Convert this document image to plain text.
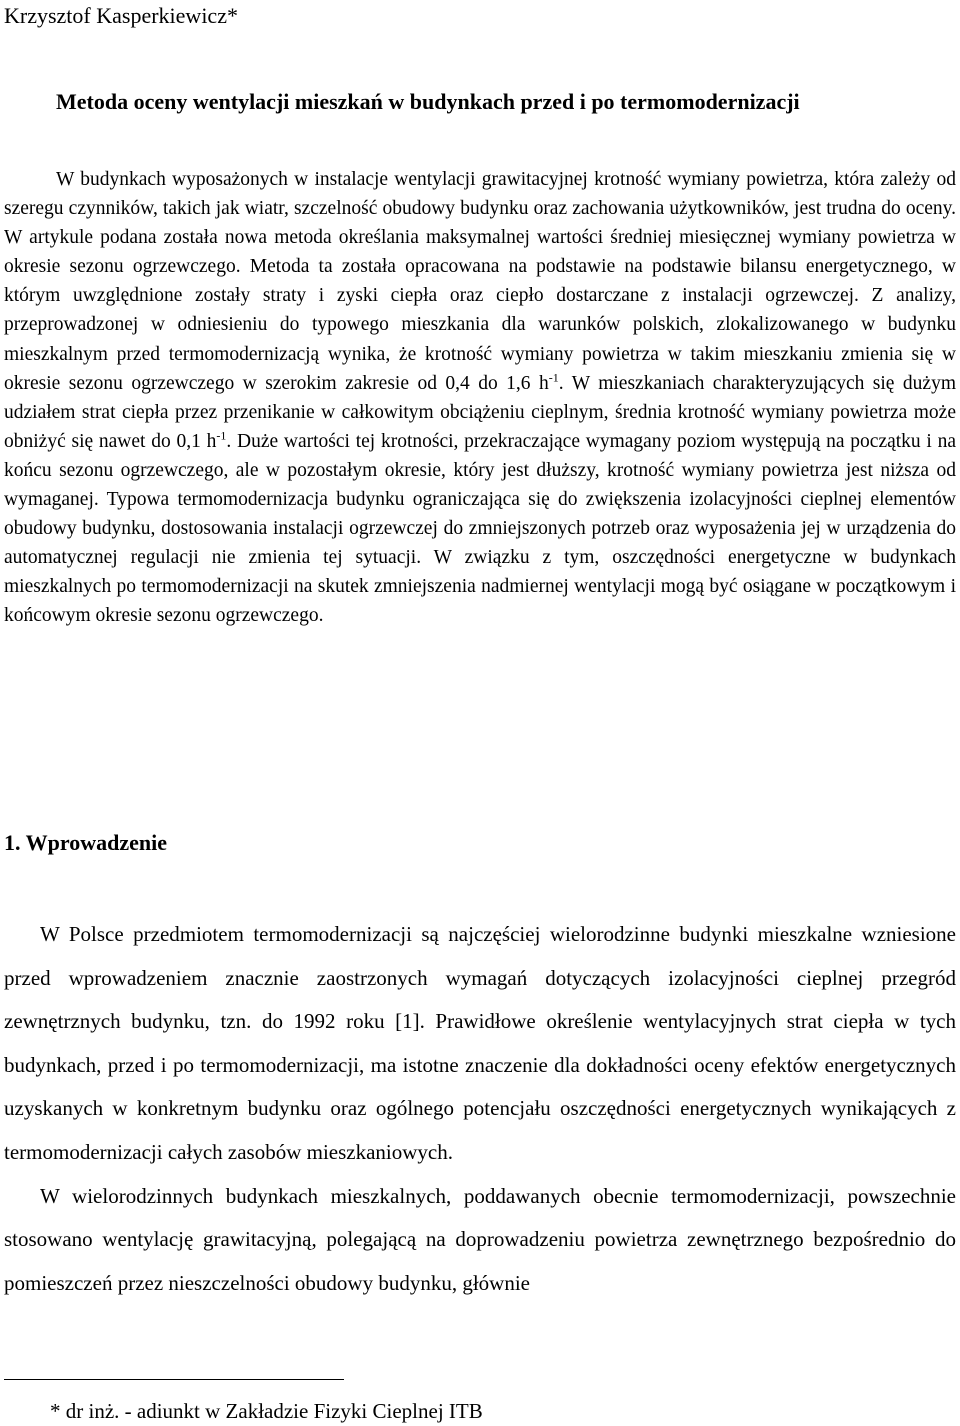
Krzysztof Kasperkiewicz*
Metoda oceny wentylacji mieszkań w budynkach przed i po termomodernizacji

W budynkach wyposażonych w instalacje wentylacji grawitacyjnej krotność wymiany powietrza, która zależy od szeregu czynników, takich jak wiatr, szczelność obudowy budynku oraz zachowania użytkowników, jest trudna do oceny. W artykule podana została nowa metoda określania maksymalnej wartości średniej miesięcznej wymiany powietrza w okresie sezonu ogrzewczego. Metoda ta została opracowana na podstawie na podstawie bilansu energetycznego, w którym uwzględnione zostały straty i zyski ciepła oraz ciepło dostarczane z instalacji ogrzewczej. Z analizy, przeprowadzonej w odniesieniu do typowego mieszkania dla warunków polskich, zlokalizowanego w budynku mieszkalnym przed termomodernizacją wynika, że krotność wymiany powietrza w takim mieszkaniu zmienia się w okresie sezonu ogrzewczego w szerokim zakresie od 0,4 do 1,6 $h^{-1}$. W mieszkaniach charakteryzujących się dużym udziałem strat ciepła przez przenikanie w całkowitym obciążeniu cieplnym, średnia krotność wymiany powietrza może obniżyć się nawet do 0,1 $h^{-1}$. Duże wartości tej krotności, przekraczające wymagany poziom występują na początku i na końcu sezonu ogrzewczego, ale w pozostałym okresie, który jest dłuższy, krotność wymiany powietrza jest niższa od wymaganej. Typowa termomodernizacja budynku ograniczająca się do zwiększenia izolacyjności cieplnej elementów obudowy budynku, dostosowania instalacji ogrzewczej do zmniejszonych potrzeb oraz wyposażenia jej w urządzenia do automatycznej regulacji nie zmienia tej sytuacji. W związku z tym, oszczędności energetyczne w budynkach mieszkalnych po termomodernizacji na skutek zmniejszenia nadmiernej wentylacji mogą być osiągane w początkowym i końcowym okresie sezonu ogrzewczego.

1. Wprowadzenie

W Polsce przedmiotem termomodernizacji są najczęściej wielorodzinne budynki mieszkalne wzniesione przed wprowadzeniem znacznie zaostrzonych wymagań dotyczących izolacyjności cieplnej przegród zewnętrznych budynku, tzn. do 1992 roku [1]. Prawidłowe określenie wentylacyjnych strat ciepła w tych budynkach, przed i po termomodernizacji, ma istotne znaczenie dla dokładności oceny efektów energetycznych uzyskanych w konkretnym budynku oraz ogólnego potencjału oszczędności energetycznych wynikających z termomodernizacji całych zasobów mieszkaniowych.

W wielorodzinnych budynkach mieszkalnych, poddawanych obecnie termomodernizacji, powszechnie stosowano wentylację grawitacyjną, polegającą na doprowadzeniu powietrza zewnętrznego bezpośrednio do pomieszczeń przez nieszczelności obudowy budynku, głównie

* dr inż. - adiunkt w Zakładzie Fizyki Cieplnej ITB
